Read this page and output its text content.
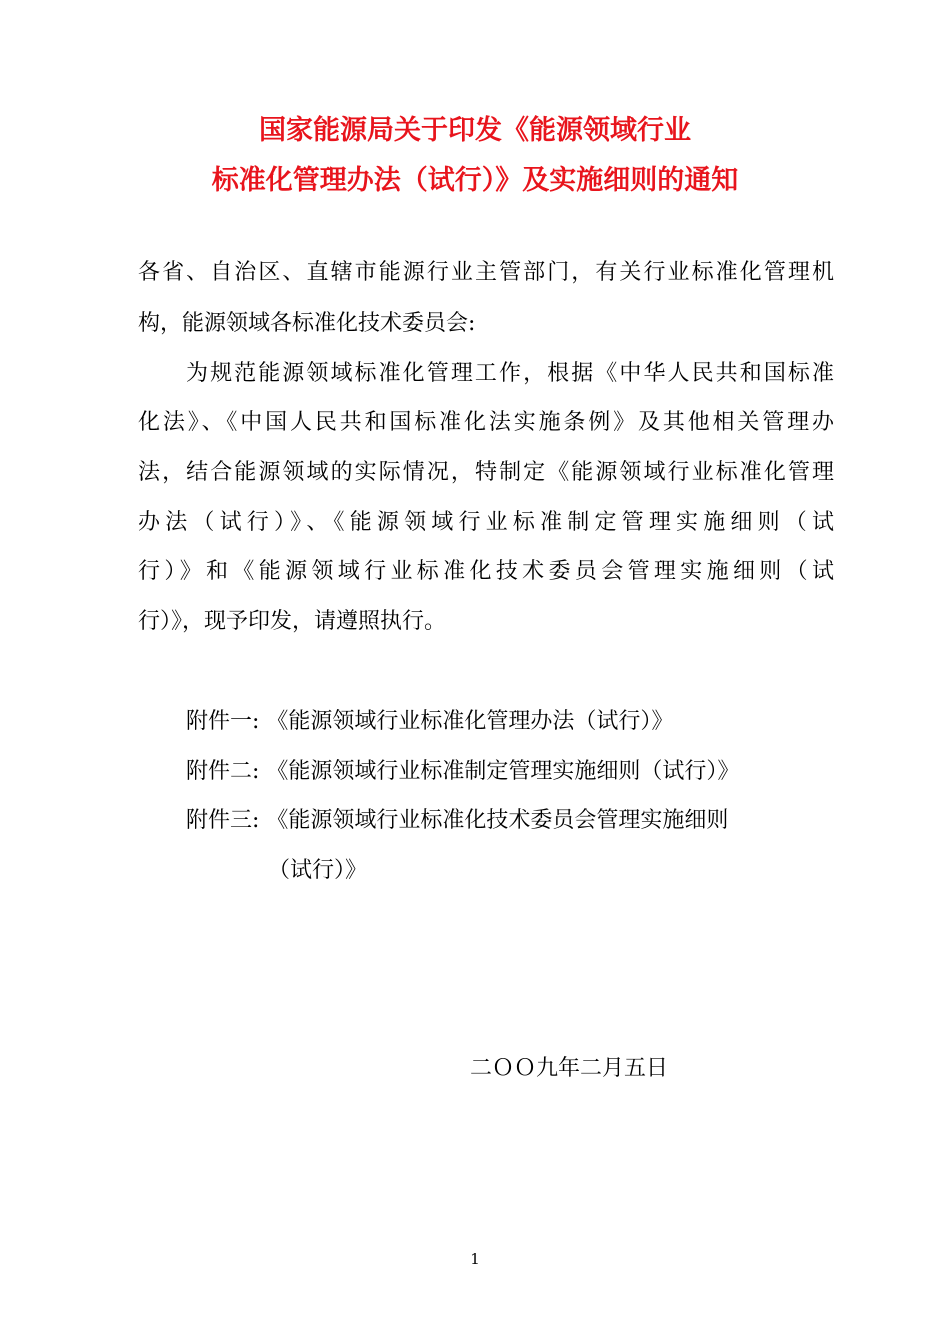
国家能源局关于印发《能源领域行业
标准化管理办法（试行）》及实施细则的通知
各省、自治区、直辖市能源行业主管部门，有关行业标准化管理机
构，能源领域各标准化技术委员会:
为规范能源领域标准化管理工作，根据《中华人民共和国标准
化法》、《中国人民共和国标准化法实施条例》及其他相关管理办
法，结合能源领域的实际情况，特制定《能源领域行业标准化管理
办法（试行）》、《能源领域行业标准制定管理实施细则（试
行）》和《能源领域行业标准化技术委员会管理实施细则（试
行）》，现予印发，请遵照执行。
附件一: 《能源领域行业标准化管理办法（试行）》
附件二: 《能源领域行业标准制定管理实施细则（试行）》
附件三: 《能源领域行业标准化技术委员会管理实施细则
（试行）》
二ＯＯ九年二月五日
1
